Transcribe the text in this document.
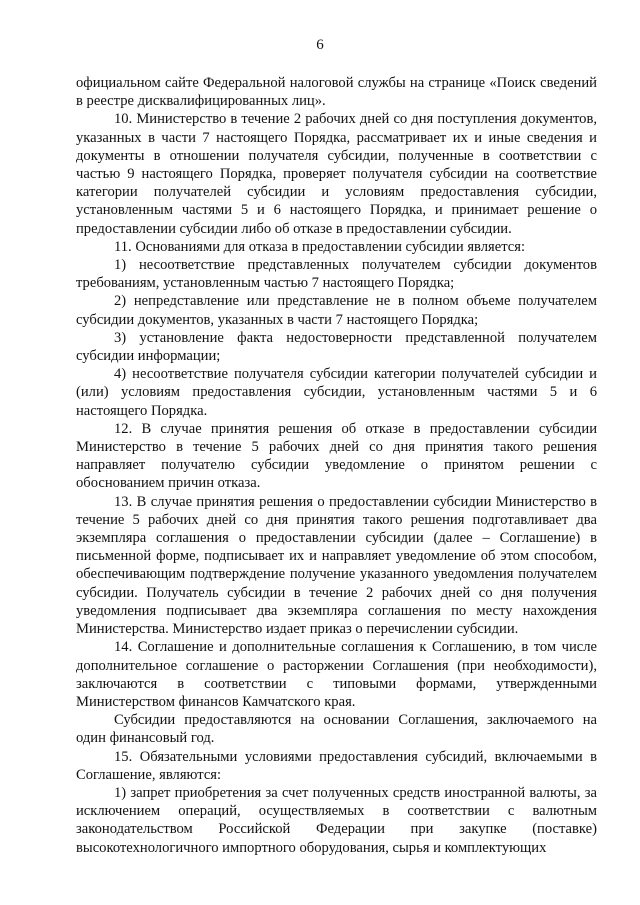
6

официальном сайте Федеральной налоговой службы на странице «Поиск сведений в реестре дисквалифицированных лиц».

10. Министерство в течение 2 рабочих дней со дня поступления документов, указанных в части 7 настоящего Порядка, рассматривает их и иные сведения и документы в отношении получателя субсидии, полученные в соответствии с частью 9 настоящего Порядка, проверяет получателя субсидии на соответствие категории получателей субсидии и условиям предоставления субсидии, установленным частями 5 и 6 настоящего Порядка, и принимает решение о предоставлении субсидии либо об отказе в предоставлении субсидии.

11. Основаниями для отказа в предоставлении субсидии является:

1) несоответствие представленных получателем субсидии документов требованиям, установленным частью 7 настоящего Порядка;

2) непредставление или представление не в полном объеме получателем субсидии документов, указанных в части 7 настоящего Порядка;

3) установление факта недостоверности представленной получателем субсидии информации;

4) несоответствие получателя субсидии категории получателей субсидии и (или) условиям предоставления субсидии, установленным частями 5 и 6 настоящего Порядка.

12. В случае принятия решения об отказе в предоставлении субсидии Министерство в течение 5 рабочих дней со дня принятия такого решения направляет получателю субсидии уведомление о принятом решении с обоснованием причин отказа.

13. В случае принятия решения о предоставлении субсидии Министерство в течение 5 рабочих дней со дня принятия такого решения подготавливает два экземпляра соглашения о предоставлении субсидии (далее – Соглашение) в письменной форме, подписывает их и направляет уведомление об этом способом, обеспечивающим подтверждение получение указанного уведомления получателем субсидии. Получатель субсидии в течение 2 рабочих дней со дня получения уведомления подписывает два экземпляра соглашения по месту нахождения Министерства. Министерство издает приказ о перечислении субсидии.

14. Соглашение и дополнительные соглашения к Соглашению, в том числе дополнительное соглашение о расторжении Соглашения (при необходимости), заключаются в соответствии с типовыми формами, утвержденными Министерством финансов Камчатского края.

Субсидии предоставляются на основании Соглашения, заключаемого на один финансовый год.

15. Обязательными условиями предоставления субсидий, включаемыми в Соглашение, являются:

1) запрет приобретения за счет полученных средств иностранной валюты, за исключением операций, осуществляемых в соответствии с валютным законодательством Российской Федерации при закупке (поставке) высокотехнологичного импортного оборудования, сырья и комплектующих
